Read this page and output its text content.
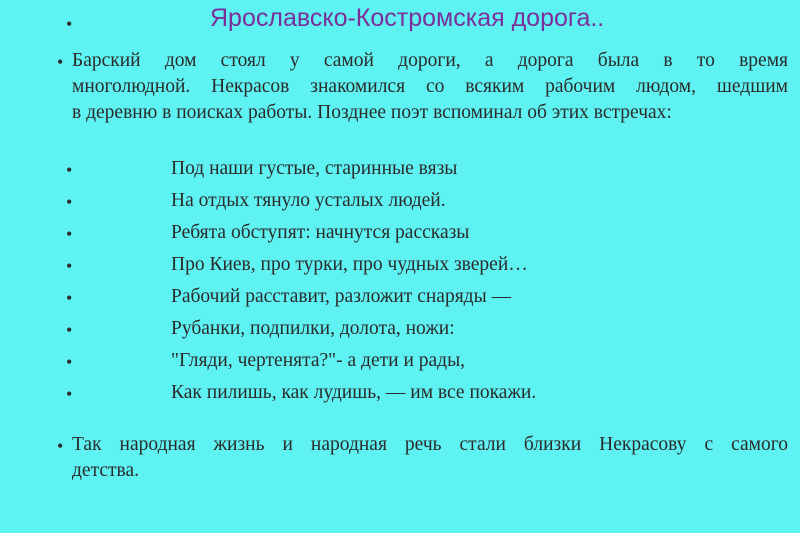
•	Ярославско-Костромская дорога..
• Барский дом стоял у самой дороги, а дорога была в то время
многолюдной. Некрасов знакомился со всяким рабочим людом, шедшим
в деревню в поисках работы. Позднее поэт вспоминал об этих встречах:
•	Под наши густые, старинные вязы
•	На отдых тянуло усталых людей.
•	Ребята обступят: начнутся рассказы
•	Про Киев, про турки, про чудных зверей…
•	Рабочий расставит, разложит снаряды —
•	Рубанки, подпилки, долота, ножи:
•	"Гляди, чертенята?"- а дети и рады,
•	Как пилишь, как лудишь, — им все покажи.
• Так народная жизнь и народная речь стали близки Некрасову с самого
детства.
